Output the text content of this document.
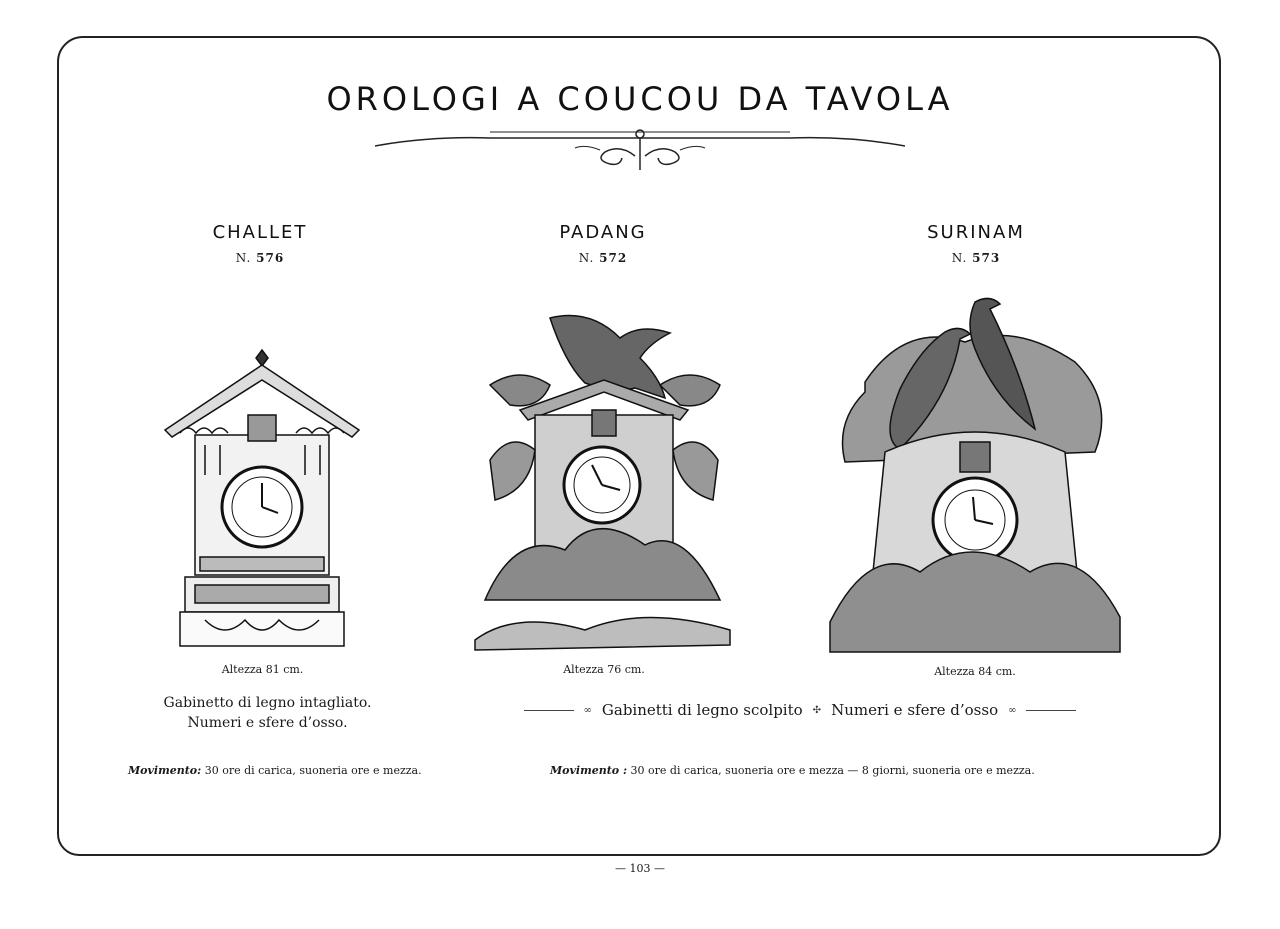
OROLOGI A COUCOU DA TAVOLA
CHALLET
N. 576
Altezza 81 cm.
Gabinetto di legno intagliato.
Numeri e sfere d’osso.
Movimento: 30 ore di carica, suoneria ore e mezza.
PADANG
N. 572
Altezza 76 cm.
SURINAM
N. 573
Altezza 84 cm.
∞ Gabinetti di legno scolpito ✣ Numeri e sfere d’osso ∞
Movimento : 30 ore di carica, suoneria ore e mezza — 8 giorni, suoneria ore e mezza.
— 103 —
